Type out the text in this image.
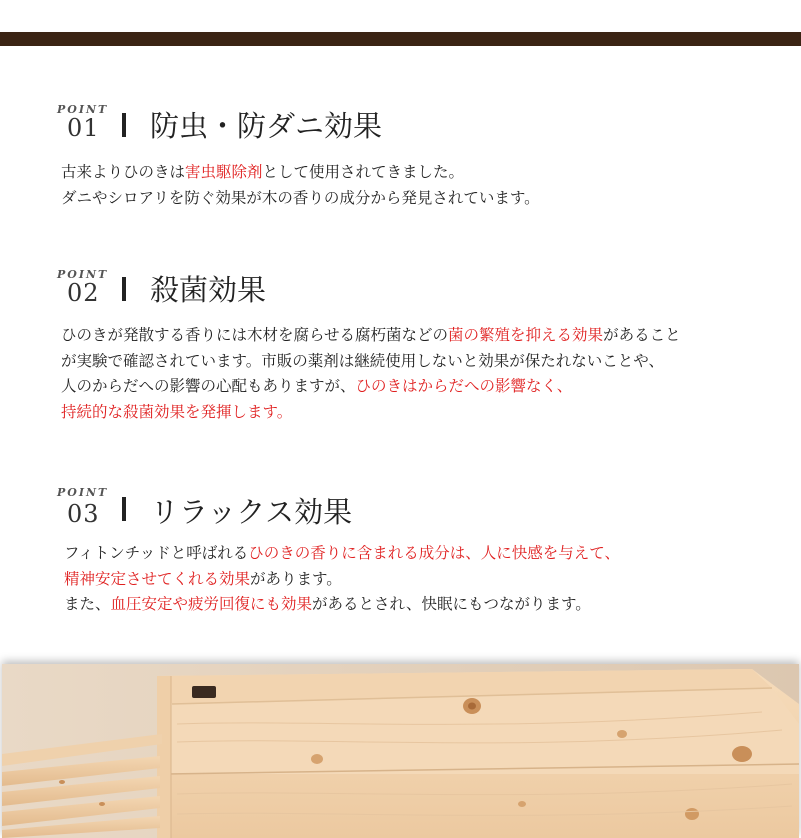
POINT
01 防虫・防ダニ効果
古来よりひのきは害虫駆除剤として使用されてきました。
ダニやシロアリを防ぐ効果が木の香りの成分から発見されています。
POINT
02 殺菌効果
ひのきが発散する香りには木材を腐らせる腐朽菌などの菌の繁殖を抑える効果があること
が実験で確認されています。市販の薬剤は継続使用しないと効果が保たれないことや、
人のからだへの影響の心配もありますが、ひのきはからだへの影響なく、
持続的な殺菌効果を発揮します。
POINT
03 リラックス効果
フィトンチッドと呼ばれるひのきの香りに含まれる成分は、人に快感を与えて、
精神安定させてくれる効果があります。
また、血圧安定や疲労回復にも効果があるとされ、快眠にもつながります。
